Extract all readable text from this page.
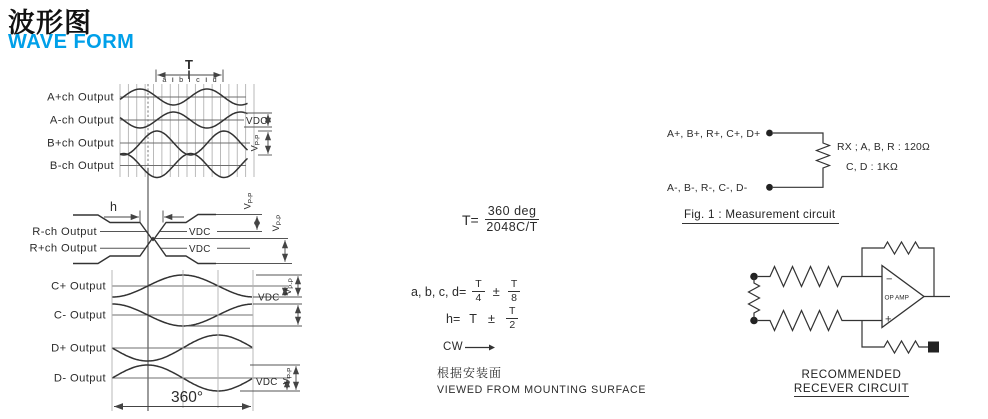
波形图
WAVE FORM
A+ch Output
A-ch Output
B+ch Output
B-ch Output
R-ch Output
R+ch Output
C+ Output
C- Output
D+ Output
D- Output
T
a b c d
VDC
VP-P
VDC
VDC
h	VP-P
VP-P
VDC
VDC
VP-P
VP-P
360°
A+, B+, R+, C+, D+
A-, B-, R-, C-, D-
RX ; A, B, R : 120Ω
C, D : 1KΩ
−
+
OP AMP
$T= \frac{\text{360 deg}}{2048C/T}$
a, b, c, $d= \frac{T}{4} \pm \frac{T}{8}$
$h= T \pm \frac{T}{2}$
CW
根据安装面
VIEWED FROM MOUNTING SURFACE
Fig. 1 : Measurement circuit
RECOMMENDED
RECEVER CIRCUIT
